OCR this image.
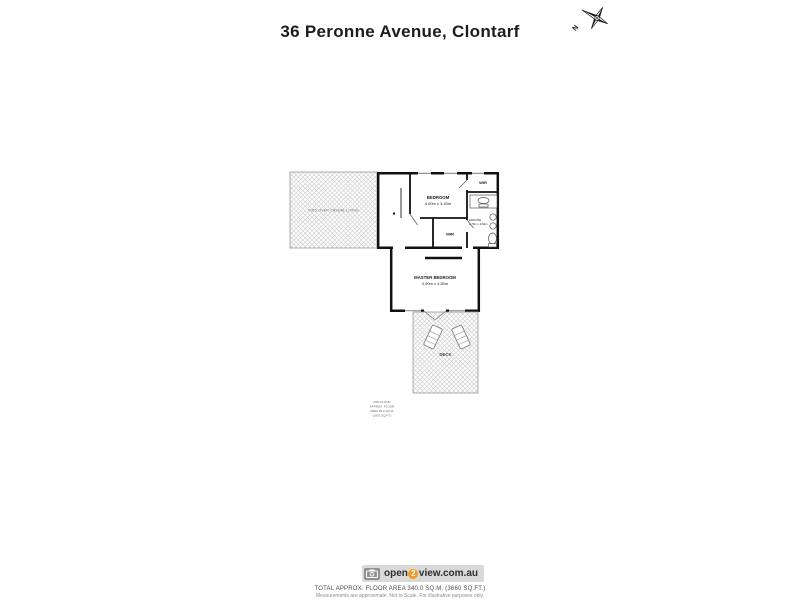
36 Peronne Avenue, Clontarf	N
VOID OVER CASUAL LIVING
BEDROOM
4.00m x 3.40m
WIR
ENSUITE
2.70m x 2.60m
WIR
MASTER BEDROOM
4.90m x 4.80m
DECK
2ND FLOOR
APPROX. FLOOR
AREA 93.2 SQ.M.
(1003 SQ.FT.)
open 2 view.com.au
TOTAL APPROX. FLOOR AREA 340.0 SQ.M. (3660 SQ.FT.)
Measurements are approximate. Not to Scale. For illustrative purposes only.
